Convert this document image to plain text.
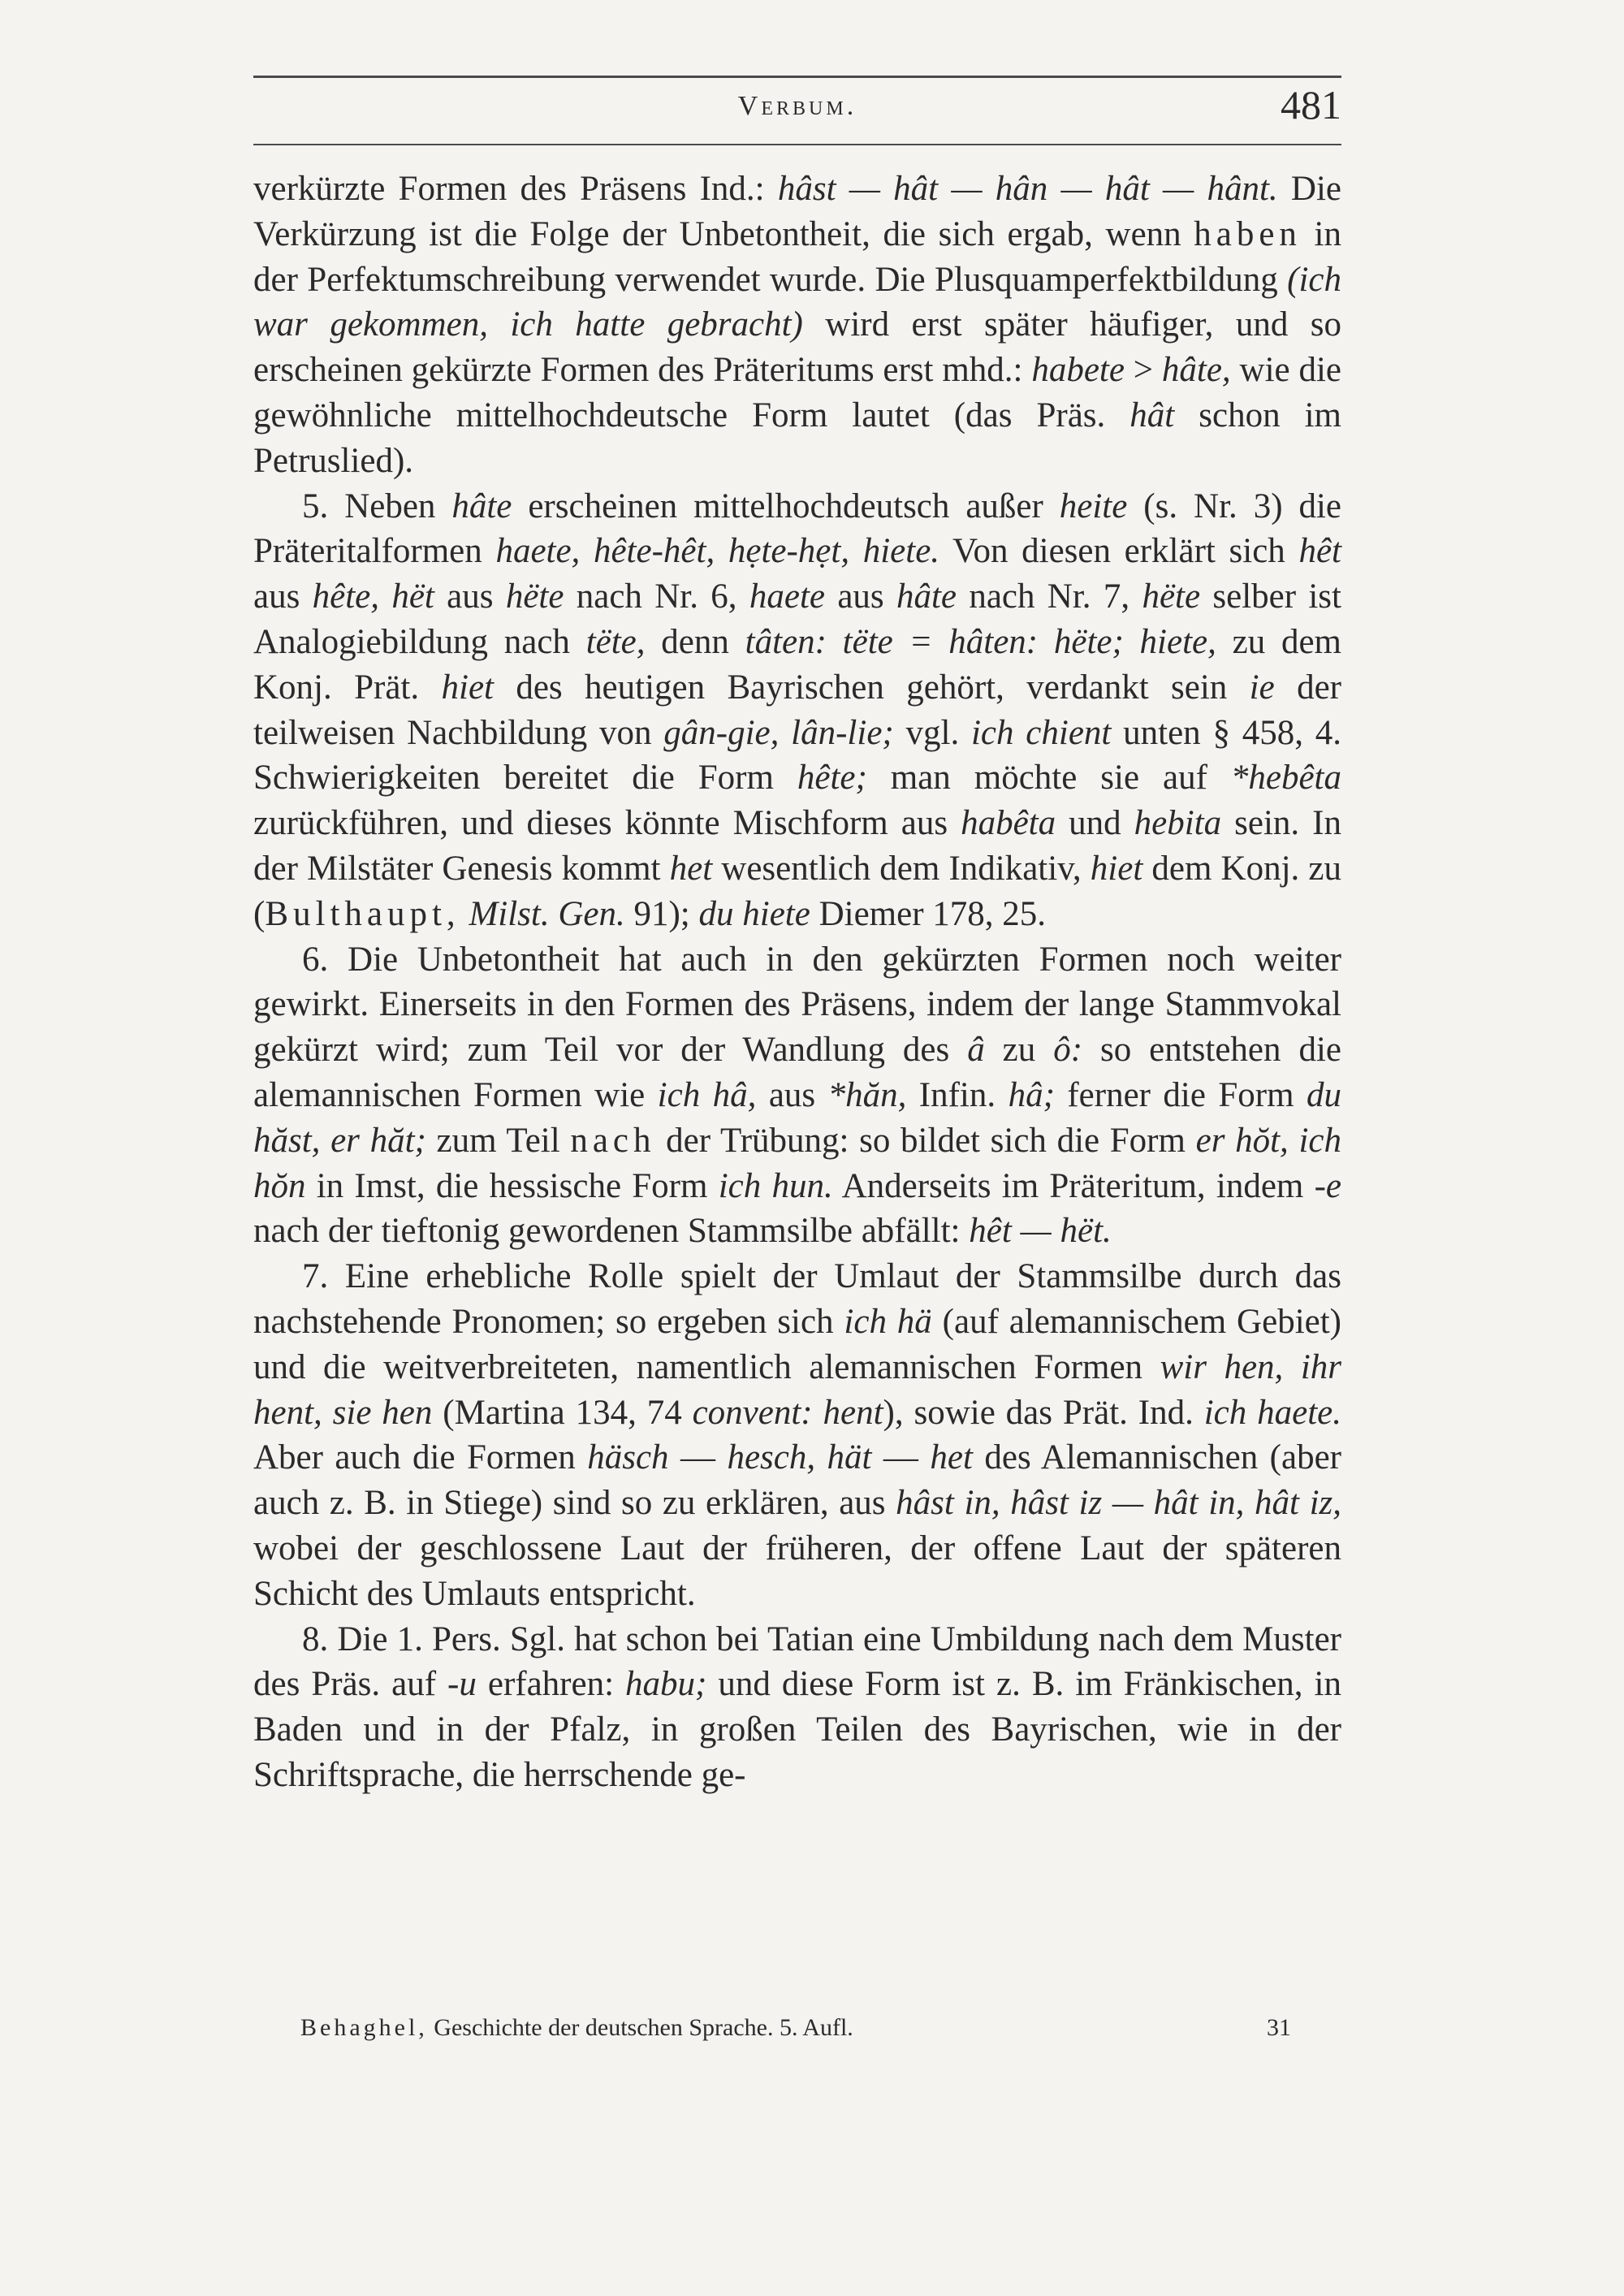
Verbum.	481

verkürzte Formen des Präsens Ind.: hâst — hât — hân — hât — hânt. Die Verkürzung ist die Folge der Unbetontheit, die sich ergab, wenn haben in der Perfektumschreibung verwendet wurde. Die Plusquamperfektbildung (ich war gekommen, ich hatte gebracht) wird erst später häufiger, und so erscheinen gekürzte Formen des Präteritums erst mhd.: habete > hâte, wie die gewöhnliche mittelhochdeutsche Form lautet (das Präs. hât schon im Petruslied).

5. Neben hâte erscheinen mittelhochdeutsch außer heite (s. Nr. 3) die Präteritalformen haete, hête-hêt, hẹte-hẹt, hiete. Von diesen erklärt sich hêt aus hête, hët aus hëte nach Nr. 6, haete aus hâte nach Nr. 7, hëte selber ist Analogiebildung nach tëte, denn tâten: tëte = hâten: hëte; hiete, zu dem Konj. Prät. hiet des heutigen Bayrischen gehört, verdankt sein ie der teilweisen Nachbildung von gân-gie, lân-lie; vgl. ich chient unten § 458, 4. Schwierigkeiten bereitet die Form hête; man möchte sie auf *hebêta zurückführen, und dieses könnte Mischform aus habêta und hebita sein. In der Milstäter Genesis kommt het wesentlich dem Indikativ, hiet dem Konj. zu (Bulthaupt, Milst. Gen. 91); du hiete Diemer 178, 25.

6. Die Unbetontheit hat auch in den gekürzten Formen noch weiter gewirkt. Einerseits in den Formen des Präsens, indem der lange Stammvokal gekürzt wird; zum Teil vor der Wandlung des â zu ô: so entstehen die alemannischen Formen wie ich hâ, aus *hăn, Infin. hâ; ferner die Form du hăst, er hăt; zum Teil nach der Trübung: so bildet sich die Form er hŏt, ich hŏn in Imst, die hessische Form ich hun. Anderseits im Präteritum, indem -e nach der tieftonig gewordenen Stammsilbe abfällt: hêt — hët.

7. Eine erhebliche Rolle spielt der Umlaut der Stammsilbe durch das nachstehende Pronomen; so ergeben sich ich hä (auf alemannischem Gebiet) und die weitverbreiteten, namentlich alemannischen Formen wir hen, ihr hent, sie hen (Martina 134, 74 convent: hent), sowie das Prät. Ind. ich haete. Aber auch die Formen häsch — hesch, hät — het des Alemannischen (aber auch z. B. in Stiege) sind so zu erklären, aus hâst in, hâst iz — hât in, hât iz, wobei der geschlossene Laut der früheren, der offene Laut der späteren Schicht des Umlauts entspricht.

8. Die 1. Pers. Sgl. hat schon bei Tatian eine Umbildung nach dem Muster des Präs. auf -u erfahren: habu; und diese Form ist z. B. im Fränkischen, in Baden und in der Pfalz, in großen Teilen des Bayrischen, wie in der Schriftsprache, die herrschende ge-

Behaghel, Geschichte der deutschen Sprache. 5. Aufl.	31
